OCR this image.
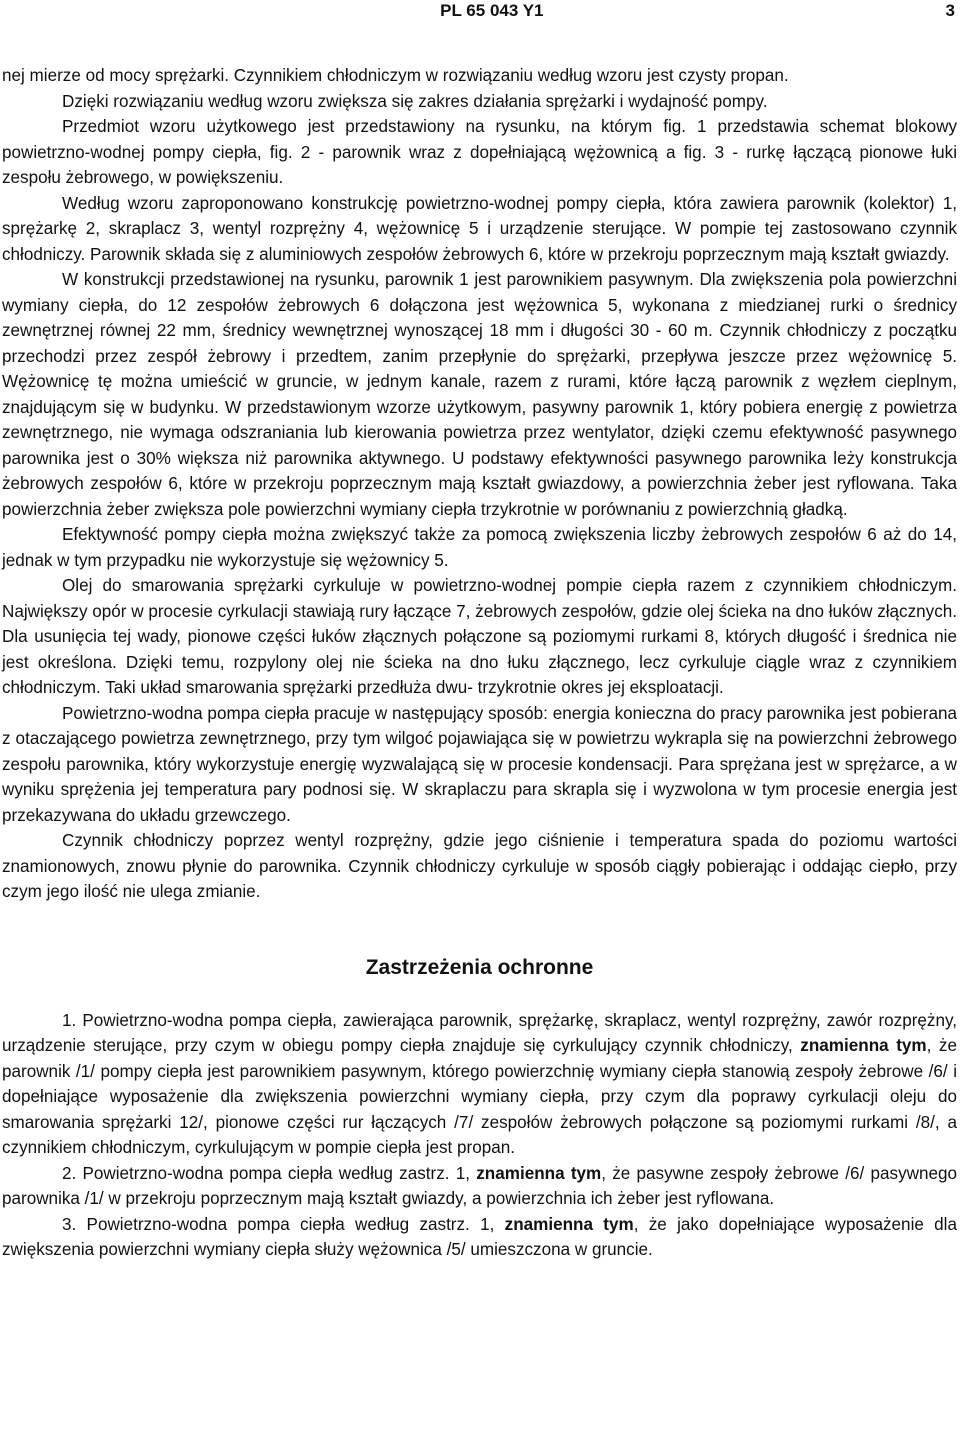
PL 65 043 Y1	3

nej mierze od mocy sprężarki. Czynnikiem chłodniczym w rozwiązaniu według wzoru jest czysty propan.

Dzięki rozwiązaniu według wzoru zwiększa się zakres działania sprężarki i wydajność pompy.

Przedmiot wzoru użytkowego jest przedstawiony na rysunku, na którym fig. 1 przedstawia schemat blokowy powietrzno-wodnej pompy ciepła, fig. 2 - parownik wraz z dopełniającą wężownicą a fig. 3 - rurkę łączącą pionowe łuki zespołu żebrowego, w powiększeniu.

Według wzoru zaproponowano konstrukcję powietrzno-wodnej pompy ciepła, która zawiera parownik (kolektor) 1, sprężarkę 2, skraplacz 3, wentyl rozprężny 4, wężownicę 5 i urządzenie sterujące. W pompie tej zastosowano czynnik chłodniczy. Parownik składa się z aluminiowych zespołów żebrowych 6, które w przekroju poprzecznym mają kształt gwiazdy.

W konstrukcji przedstawionej na rysunku, parownik 1 jest parownikiem pasywnym. Dla zwiększenia pola powierzchni wymiany ciepła, do 12 zespołów żebrowych 6 dołączona jest wężownica 5, wykonana z miedzianej rurki o średnicy zewnętrznej równej 22 mm, średnicy wewnętrznej wynoszącej 18 mm i długości 30 - 60 m. Czynnik chłodniczy z początku przechodzi przez zespół żebrowy i przedtem, zanim przepłynie do sprężarki, przepływa jeszcze przez wężownicę 5. Wężownicę tę można umieścić w gruncie, w jednym kanale, razem z rurami, które łączą parownik z węzłem cieplnym, znajdującym się w budynku. W przedstawionym wzorze użytkowym, pasywny parownik 1, który pobiera energię z powietrza zewnętrznego, nie wymaga odszraniania lub kierowania powietrza przez wentylator, dzięki czemu efektywność pasywnego parownika jest o 30% większa niż parownika aktywnego. U podstawy efektywności pasywnego parownika leży konstrukcja żebrowych zespołów 6, które w przekroju poprzecznym mają kształt gwiazdowy, a powierzchnia żeber jest ryflowana. Taka powierzchnia żeber zwiększa pole powierzchni wymiany ciepła trzykrotnie w porównaniu z powierzchnią gładką.

Efektywność pompy ciepła można zwiększyć także za pomocą zwiększenia liczby żebrowych zespołów 6 aż do 14, jednak w tym przypadku nie wykorzystuje się wężownicy 5.

Olej do smarowania sprężarki cyrkuluje w powietrzno-wodnej pompie ciepła razem z czynnikiem chłodniczym. Największy opór w procesie cyrkulacji stawiają rury łączące 7, żebrowych zespołów, gdzie olej ścieka na dno łuków złącznych. Dla usunięcia tej wady, pionowe części łuków złącznych połączone są poziomymi rurkami 8, których długość i średnica nie jest określona. Dzięki temu, rozpylony olej nie ścieka na dno łuku złącznego, lecz cyrkuluje ciągle wraz z czynnikiem chłodniczym. Taki układ smarowania sprężarki przedłuża dwu- trzykrotnie okres jej eksploatacji.

Powietrzno-wodna pompa ciepła pracuje w następujący sposób: energia konieczna do pracy parownika jest pobierana z otaczającego powietrza zewnętrznego, przy tym wilgoć pojawiająca się w powietrzu wykrapla się na powierzchni żebrowego zespołu parownika, który wykorzystuje energię wyzwalającą się w procesie kondensacji. Para sprężana jest w sprężarce, a w wyniku sprężenia jej temperatura pary podnosi się. W skraplaczu para skrapla się i wyzwolona w tym procesie energia jest przekazywana do układu grzewczego.

Czynnik chłodniczy poprzez wentyl rozprężny, gdzie jego ciśnienie i temperatura spada do poziomu wartości znamionowych, znowu płynie do parownika. Czynnik chłodniczy cyrkuluje w sposób ciągły pobierając i oddając ciepło, przy czym jego ilość nie ulega zmianie.

Zastrzeżenia ochronne

1. Powietrzno-wodna pompa ciepła, zawierająca parownik, sprężarkę, skraplacz, wentyl rozprężny, zawór rozprężny, urządzenie sterujące, przy czym w obiegu pompy ciepła znajduje się cyrkulujący czynnik chłodniczy, znamienna tym, że parownik /1/ pompy ciepła jest parownikiem pasywnym, którego powierzchnię wymiany ciepła stanowią zespoły żebrowe /6/ i dopełniające wyposażenie dla zwiększenia powierzchni wymiany ciepła, przy czym dla poprawy cyrkulacji oleju do smarowania sprężarki 12/, pionowe części rur łączących /7/ zespołów żebrowych połączone są poziomymi rurkami /8/, a czynnikiem chłodniczym, cyrkulującym w pompie ciepła jest propan.

2. Powietrzno-wodna pompa ciepła według zastrz. 1, znamienna tym, że pasywne zespoły żebrowe /6/ pasywnego parownika /1/ w przekroju poprzecznym mają kształt gwiazdy, a powierzchnia ich żeber jest ryflowana.

3. Powietrzno-wodna pompa ciepła według zastrz. 1, znamienna tym, że jako dopełniające wyposażenie dla zwiększenia powierzchni wymiany ciepła służy wężownica /5/ umieszczona w gruncie.
